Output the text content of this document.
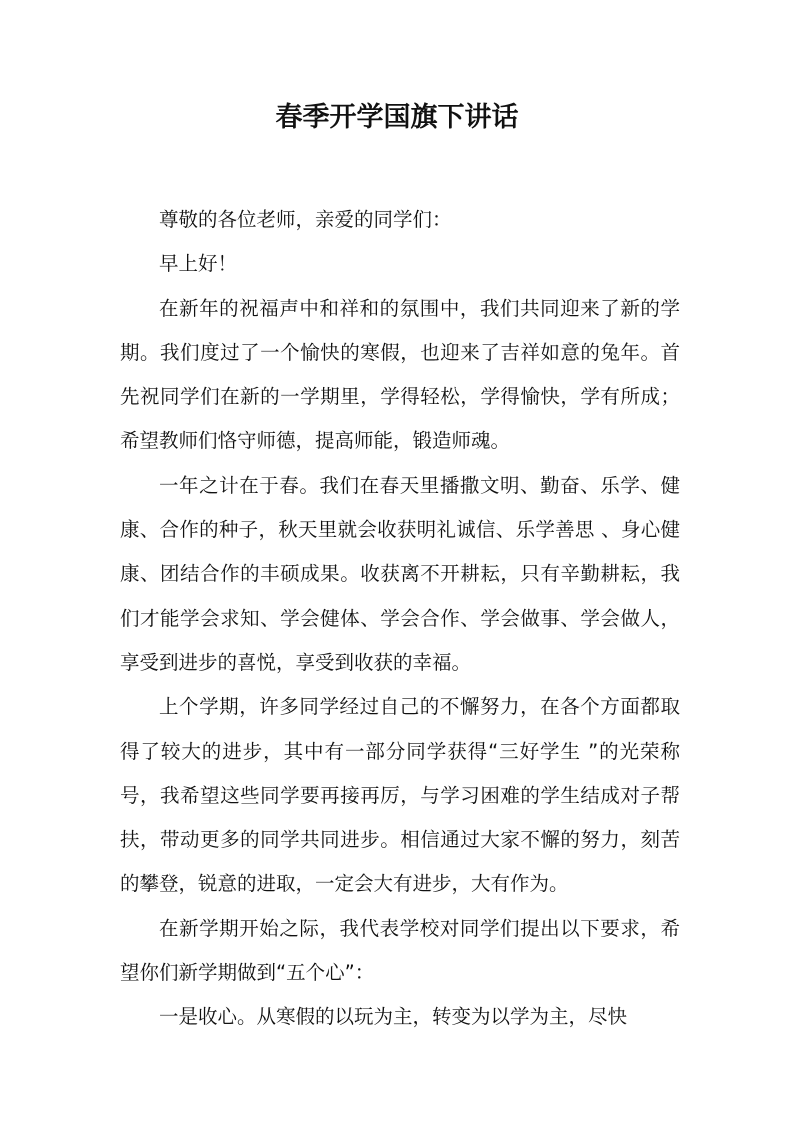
春季开学国旗下讲话

尊敬的各位老师，亲爱的同学们：

早上好！

在新年的祝福声中和祥和的氛围中，我们共同迎来了新的学期。我们度过了一个愉快的寒假，也迎来了吉祥如意的兔年。首先祝同学们在新的一学期里，学得轻松，学得愉快，学有所成；希望教师们恪守师德，提高师能，锻造师魂。

一年之计在于春。我们在春天里播撒文明、勤奋、乐学、健康、合作的种子，秋天里就会收获明礼诚信、乐学善思 、身心健康、团结合作的丰硕成果。收获离不开耕耘，只有辛勤耕耘，我们才能学会求知、学会健体、学会合作、学会做事、学会做人，享受到进步的喜悦，享受到收获的幸福。

上个学期，许多同学经过自己的不懈努力，在各个方面都取得了较大的进步，其中有一部分同学获得“三好学生 ”的光荣称号，我希望这些同学要再接再厉，与学习困难的学生结成对子帮扶，带动更多的同学共同进步。相信通过大家不懈的努力，刻苦的攀登，锐意的进取，一定会大有进步，大有作为。

在新学期开始之际，我代表学校对同学们提出以下要求，希望你们新学期做到“五个心”：

一是收心。从寒假的以玩为主，转变为以学为主，尽快
